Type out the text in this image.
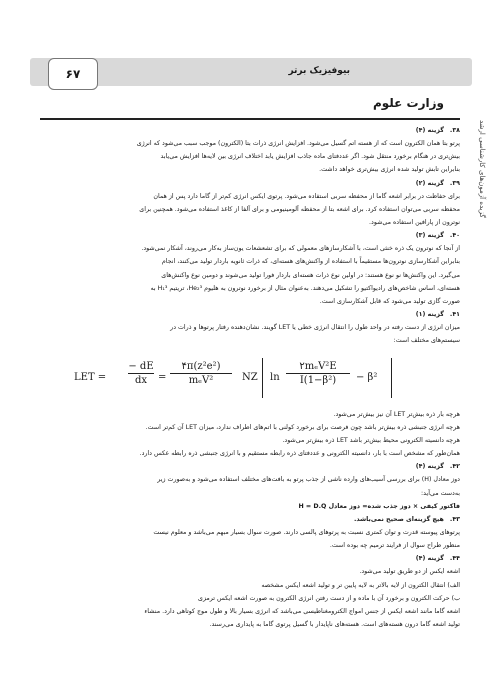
۶۷	بیوفیزیک برتر
گزیده آزمون‌های کارشناسی ارشد
وزارت علوم
۳۸.
گزینه (۴)

پرتو بتا همان الکترون است که از هسته اتم گسیل می‌شود. افزایش انرژی ذرات بتا (الکترون) موجب سبب می‌شود که انرژی

بیش‌تری در هنگام برخورد منتقل شود. اگر عددفتای ماده جاذب افزایش یابد اختلاف انرژی بین لایه‌ها افزایش می‌یابد

بنابراین تابش تولید شده انرژی بیش‌تری خواهد داشت.

۳۹.
گزینه (۲)

برای حفاظت در برابر اشعه گاما از محفظه سربی استفاده می‌شود. پرتوی ایکس انرژی کم‌تر از گاما دارد پس از همان

محفظه سربی می‌توان استفاده کرد. برای اشعه بتا از محفظه آلومینیومی و برای آلفا از کاغذ استفاده می‌شود. همچنین برای

نوترون از پارافین استفاده می‌شود.

۴۰.
گزینه (۳)

از آنجا که نوترون یک ذره خنثی است، با آشکارسازهای معمولی که برای تشعشعات یون‌ساز به‌کار می‌روند، آشکار نمی‌شود.

بنابراین آشکارسازی نوترون‌ها مستقیماً با استفاده از واکنش‌های هسته‌ای، که ذرات ثانویه باردار تولید می‌کنند، انجام

می‌گیرد. این واکنش‌ها نو نوع هستند: در اولین نوع ذرات هسته‌ای باردار فورا تولید می‌شوند و دومین نوع واکنش‌های

هسته‌ای، اساس شاخص‌های رادیواکتیو را تشکیل می‌دهند. به‌عنوان مثال از برخورد نوترون به هلیوم He₂³، تریتیم H₁³ به

صورت گازی تولید می‌شود که قابل آشکارسازی است.

۴۱.
گزینه (۱)

میزان انرژی از دست رفته در واحد طول را انتقال انرژی خطی یا LET گویند. نشان‌دهنده رفتار پرتوها و ذرات در

سیستم‌های مختلف است:

LET =	NZ ln	− β²
$\frac{- dE}{dx}$	۴π(z²e²)
mₑV²
۲mₑV²E
I(1−β²)
=

هرچه بار ذره بیش‌تر LET آن نیز بیش‌تر می‌شود.

هرچه انرژی جنبشی ذره بیش‌تر باشد چون فرصت برای برخورد کولنی با اتم‌های اطراف ندارد، میزان LET آن کم‌تر است.

هرچه دانسیته الکترونی محیط بیش‌تر باشد LET ذره بیش‌تر می‌شود.

همان‌طور که مشخص است با بار، دانسیته الکترونی و عددفتای ذره رابطه مستقیم و با انرژی جنبشی ذره رابطه عکس دارد.

۴۲.
گزینه (۴)

دوز معادل (H) برای بررسی آسیب‌های وارده ناشی از جذب پرتو به بافت‌های مختلف استفاده می‌شود و به‌صورت زیر

به‌دست می‌آید:

فاکتور کیفی × دوز جذب شده= دوز معادل H = D.Q

۴۳.
هیچ گزینه‌ای صحیح نمی‌باشد.

پرتوهای پیوسته قدرت و توان کمتری نسبت به پرتوهای پالسی دارند. صورت سوال بسیار مبهم می‌باشد و معلوم نیست

منظور طراح سوال از فرایند ترمیم چه بوده است.

۴۴.
گزینه (۴)

اشعه ایکس از دو طریق تولید می‌شود.

الف) انتقال الکترون از لایه بالاتر به لایه پایین تر و تولید اشعه ایکس مشخصه

ب) حرکت الکترون و برخورد آن با ماده و از دست رفتن انرژی الکترون به صورت اشعه ایکس ترمزی

اشعه گاما مانند اشعه ایکس از جنس امواج الکترومغناطیسی می‌باشد که انرژی بسیار بالا و طول موج کوتاهی دارد. منشاء

تولید اشعه گاما درون هسته‌های است. هسته‌های ناپایدار با گسیل پرتوی گاما به پایداری می‌رسند.
